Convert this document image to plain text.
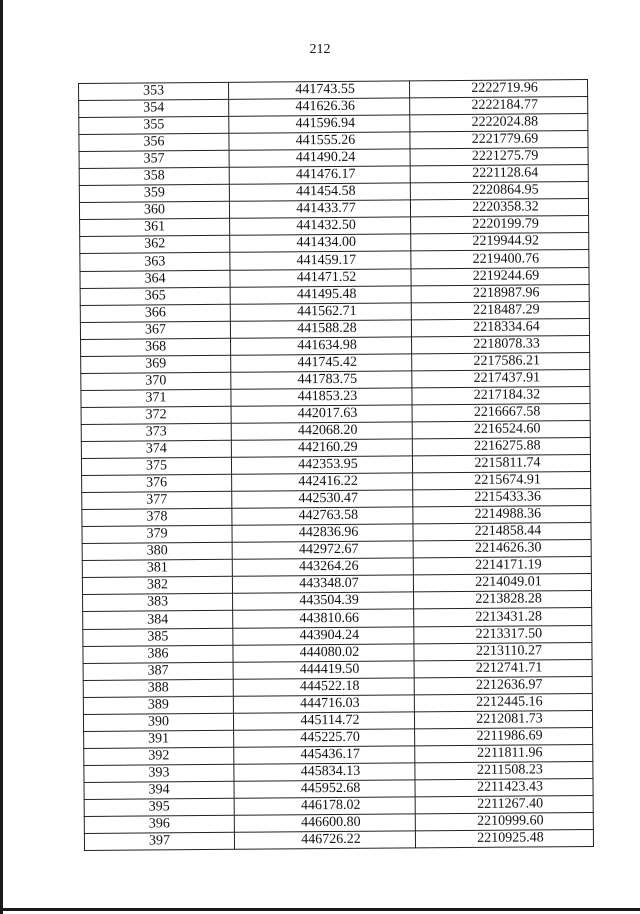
212
353	441743.55	2222719.96
354	441626.36	2222184.77
355	441596.94	2222024.88
356	441555.26	2221779.69
357	441490.24	2221275.79
358	441476.17	2221128.64
359	441454.58	2220864.95
360	441433.77	2220358.32
361	441432.50	2220199.79
362	441434.00	2219944.92
363	441459.17	2219400.76
364	441471.52	2219244.69
365	441495.48	2218987.96
366	441562.71	2218487.29
367	441588.28	2218334.64
368	441634.98	2218078.33
369	441745.42	2217586.21
370	441783.75	2217437.91
371	441853.23	2217184.32
372	442017.63	2216667.58
373	442068.20	2216524.60
374	442160.29	2216275.88
375	442353.95	2215811.74
376	442416.22	2215674.91
377	442530.47	2215433.36
378	442763.58	2214988.36
379	442836.96	2214858.44
380	442972.67	2214626.30
381	443264.26	2214171.19
382	443348.07	2214049.01
383	443504.39	2213828.28
384	443810.66	2213431.28
385	443904.24	2213317.50
386	444080.02	2213110.27
387	444419.50	2212741.71
388	444522.18	2212636.97
389	444716.03	2212445.16
390	445114.72	2212081.73
391	445225.70	2211986.69
392	445436.17	2211811.96
393	445834.13	2211508.23
394	445952.68	2211423.43
395	446178.02	2211267.40
396	446600.80	2210999.60
397	446726.22	2210925.48
